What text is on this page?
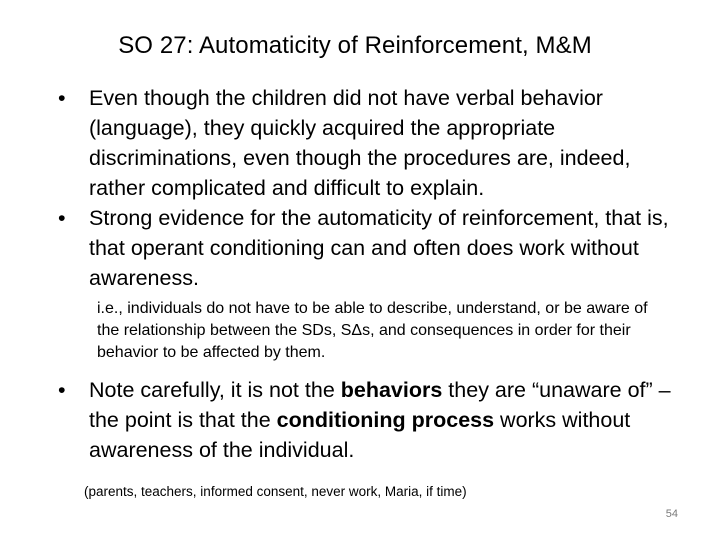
SO 27: Automaticity of Reinforcement, M&M
•	Even though the children did not have verbal behavior (language), they quickly acquired the appropriate discriminations, even though the procedures are, indeed, rather complicated and difficult to explain.
•	Strong evidence for the automaticity of reinforcement, that is, that operant conditioning can and often does work without awareness.
i.e., individuals do not have to be able to describe, understand, or be aware of the relationship between the SDs, SΔs, and consequences in order for their behavior to be affected by them.
•	Note carefully, it is not the behaviors they are “unaware of” – the point is that the conditioning process works without awareness of the individual.
(parents, teachers, informed consent, never work, Maria, if time)
54
